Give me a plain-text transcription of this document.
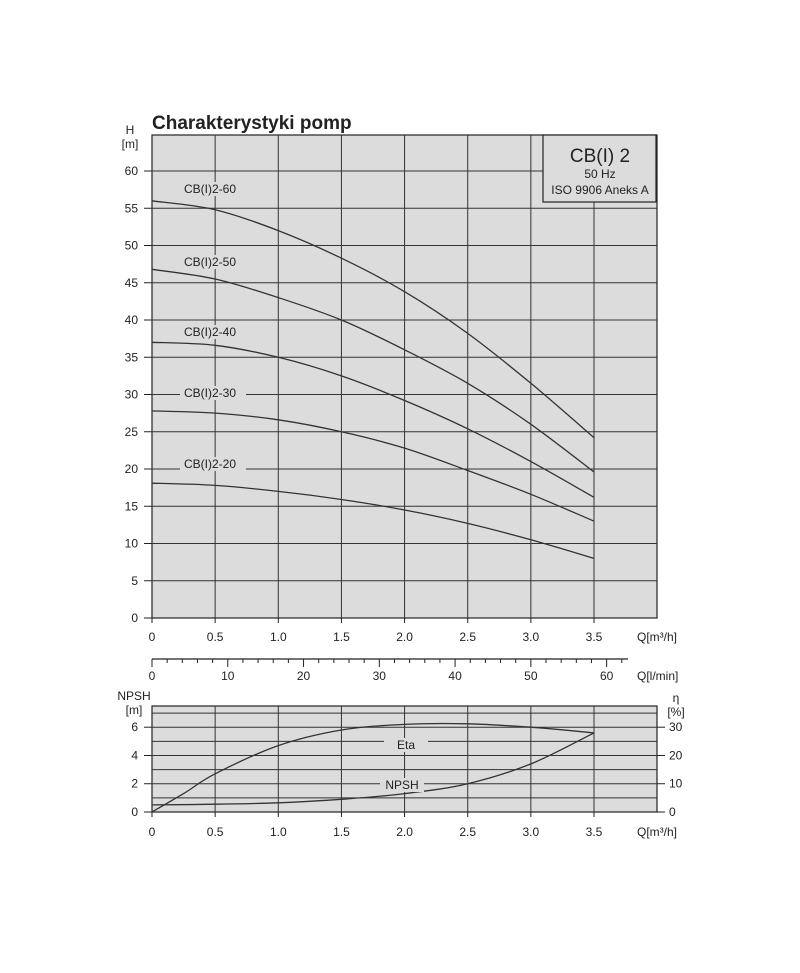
0
5
10
15
20
25
30
35
40
45
50
55
60
0	0.5	1.0	1.5	2.0	2.5	3.0	3.5
H
[m]
Charakterystyki pomp
Q[m³/h]
CB(I) 2
50 Hz
ISO 9906 Aneks A
CB(I)2-60
CB(I)2-50
CB(I)2-40
CB(I)2-30
CB(I)2-20
0	10	20	30	40	50	60 Q[l/min]
0
2
4
6
0
10
20
30
0	0.5	1.0	1.5	2.0	2.5	3.0	3.5	Q[m³/h]
NPSH
[m]
η
[%]
Eta
NPSH
